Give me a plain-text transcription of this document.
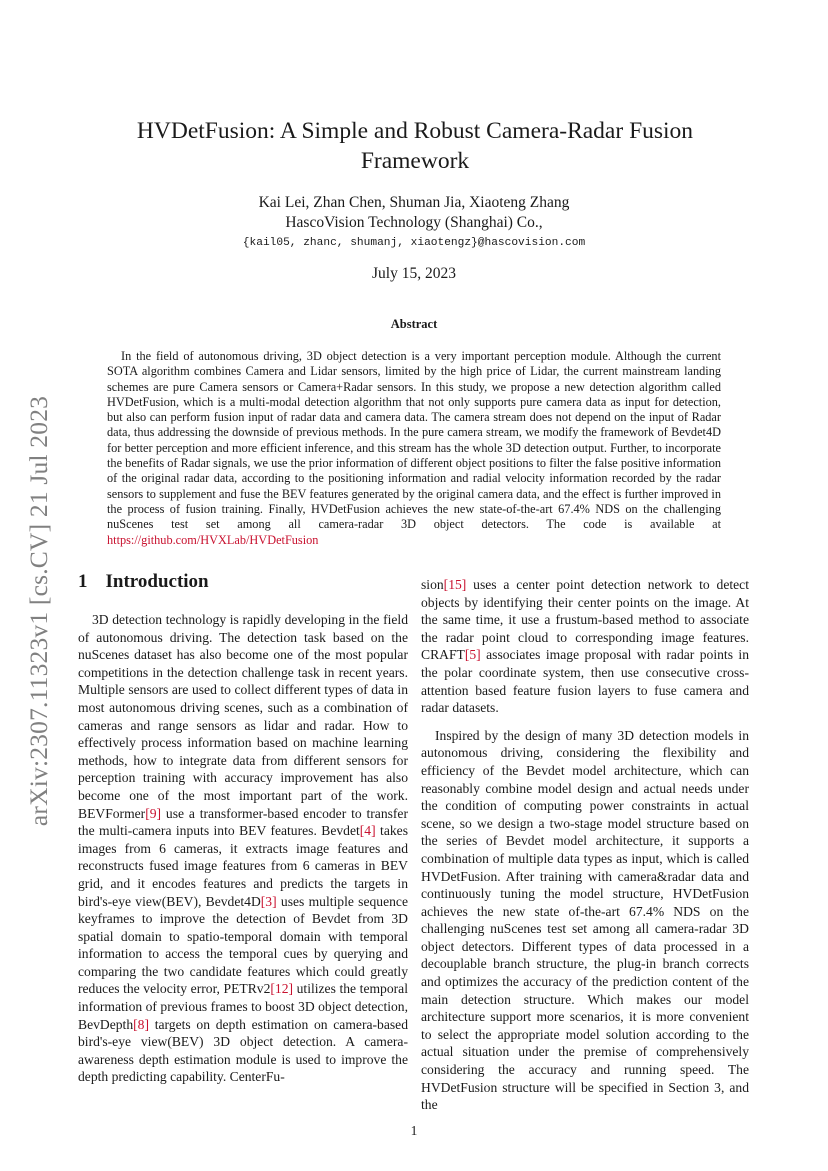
arXiv:2307.11323v1 [cs.CV] 21 Jul 2023
HVDetFusion: A Simple and Robust Camera-Radar Fusion Framework
Kai Lei, Zhan Chen, Shuman Jia, Xiaoteng Zhang
HascoVision Technology (Shanghai) Co.,
{kail05, zhanc, shumanj, xiaotengz}@hascovision.com
July 15, 2023
Abstract

In the field of autonomous driving, 3D object detection is a very important perception module. Although the current SOTA algorithm combines Camera and Lidar sensors, limited by the high price of Lidar, the current mainstream landing schemes are pure Camera sensors or Camera+Radar sensors. In this study, we propose a new detection algorithm called HVDetFusion, which is a multi-modal detection algorithm that not only supports pure camera data as input for detection, but also can perform fusion input of radar data and camera data. The camera stream does not depend on the input of Radar data, thus addressing the downside of previous methods. In the pure camera stream, we modify the framework of Bevdet4D for better perception and more efficient inference, and this stream has the whole 3D detection output. Further, to incorporate the benefits of Radar signals, we use the prior information of different object positions to filter the false positive information of the original radar data, according to the positioning information and radial velocity information recorded by the radar sensors to supplement and fuse the BEV features generated by the original camera data, and the effect is further improved in the process of fusion training. Finally, HVDetFusion achieves the new state-of-the-art 67.4% NDS on the challenging nuScenes test set among all camera-radar 3D object detectors. The code is available at https://github.com/HVXLab/HVDetFusion

1 Introduction

3D detection technology is rapidly developing in the field of autonomous driving. The detection task based on the nuScenes dataset has also become one of the most popular competitions in the detection challenge task in recent years. Multiple sensors are used to collect different types of data in most autonomous driving scenes, such as a combination of cameras and range sensors as lidar and radar. How to effectively process information based on machine learning methods, how to integrate data from different sensors for perception training with accuracy improvement has also become one of the most important part of the work. BEVFormer[9] use a transformer-based encoder to transfer the multi-camera inputs into BEV features. Bevdet[4] takes images from 6 cameras, it extracts image features and reconstructs fused image features from 6 cameras in BEV grid, and it encodes features and predicts the targets in bird's-eye view(BEV), Bevdet4D[3] uses multiple sequence keyframes to improve the detection of Bevdet from 3D spatial domain to spatio-temporal domain with temporal information to access the temporal cues by querying and comparing the two candidate features which could greatly reduces the velocity error, PETRv2[12] utilizes the temporal information of previous frames to boost 3D object detection, BevDepth[8] targets on depth estimation on camera-based bird's-eye view(BEV) 3D object detection. A camera-awareness depth estimation module is used to improve the depth predicting capability. CenterFu-

sion[15] uses a center point detection network to detect objects by identifying their center points on the image. At the same time, it use a frustum-based method to associate the radar point cloud to corresponding image features. CRAFT[5] associates image proposal with radar points in the polar coordinate system, then use consecutive cross-attention based feature fusion layers to fuse camera and radar datasets.

Inspired by the design of many 3D detection models in autonomous driving, considering the flexibility and efficiency of the Bevdet model architecture, which can reasonably combine model design and actual needs under the condition of computing power constraints in actual scene, so we design a two-stage model structure based on the series of Bevdet model architecture, it supports a combination of multiple data types as input, which is called HVDetFusion. After training with camera&radar data and continuously tuning the model structure, HVDetFusion achieves the new state of-the-art 67.4% NDS on the challenging nuScenes test set among all camera-radar 3D object detectors. Different types of data processed in a decouplable branch structure, the plug-in branch corrects and optimizes the accuracy of the prediction content of the main detection structure. Which makes our model architecture support more scenarios, it is more convenient to select the appropriate model solution according to the actual situation under the premise of comprehensively considering the accuracy and running speed. The HVDetFusion structure will be specified in Section 3, and the

1
